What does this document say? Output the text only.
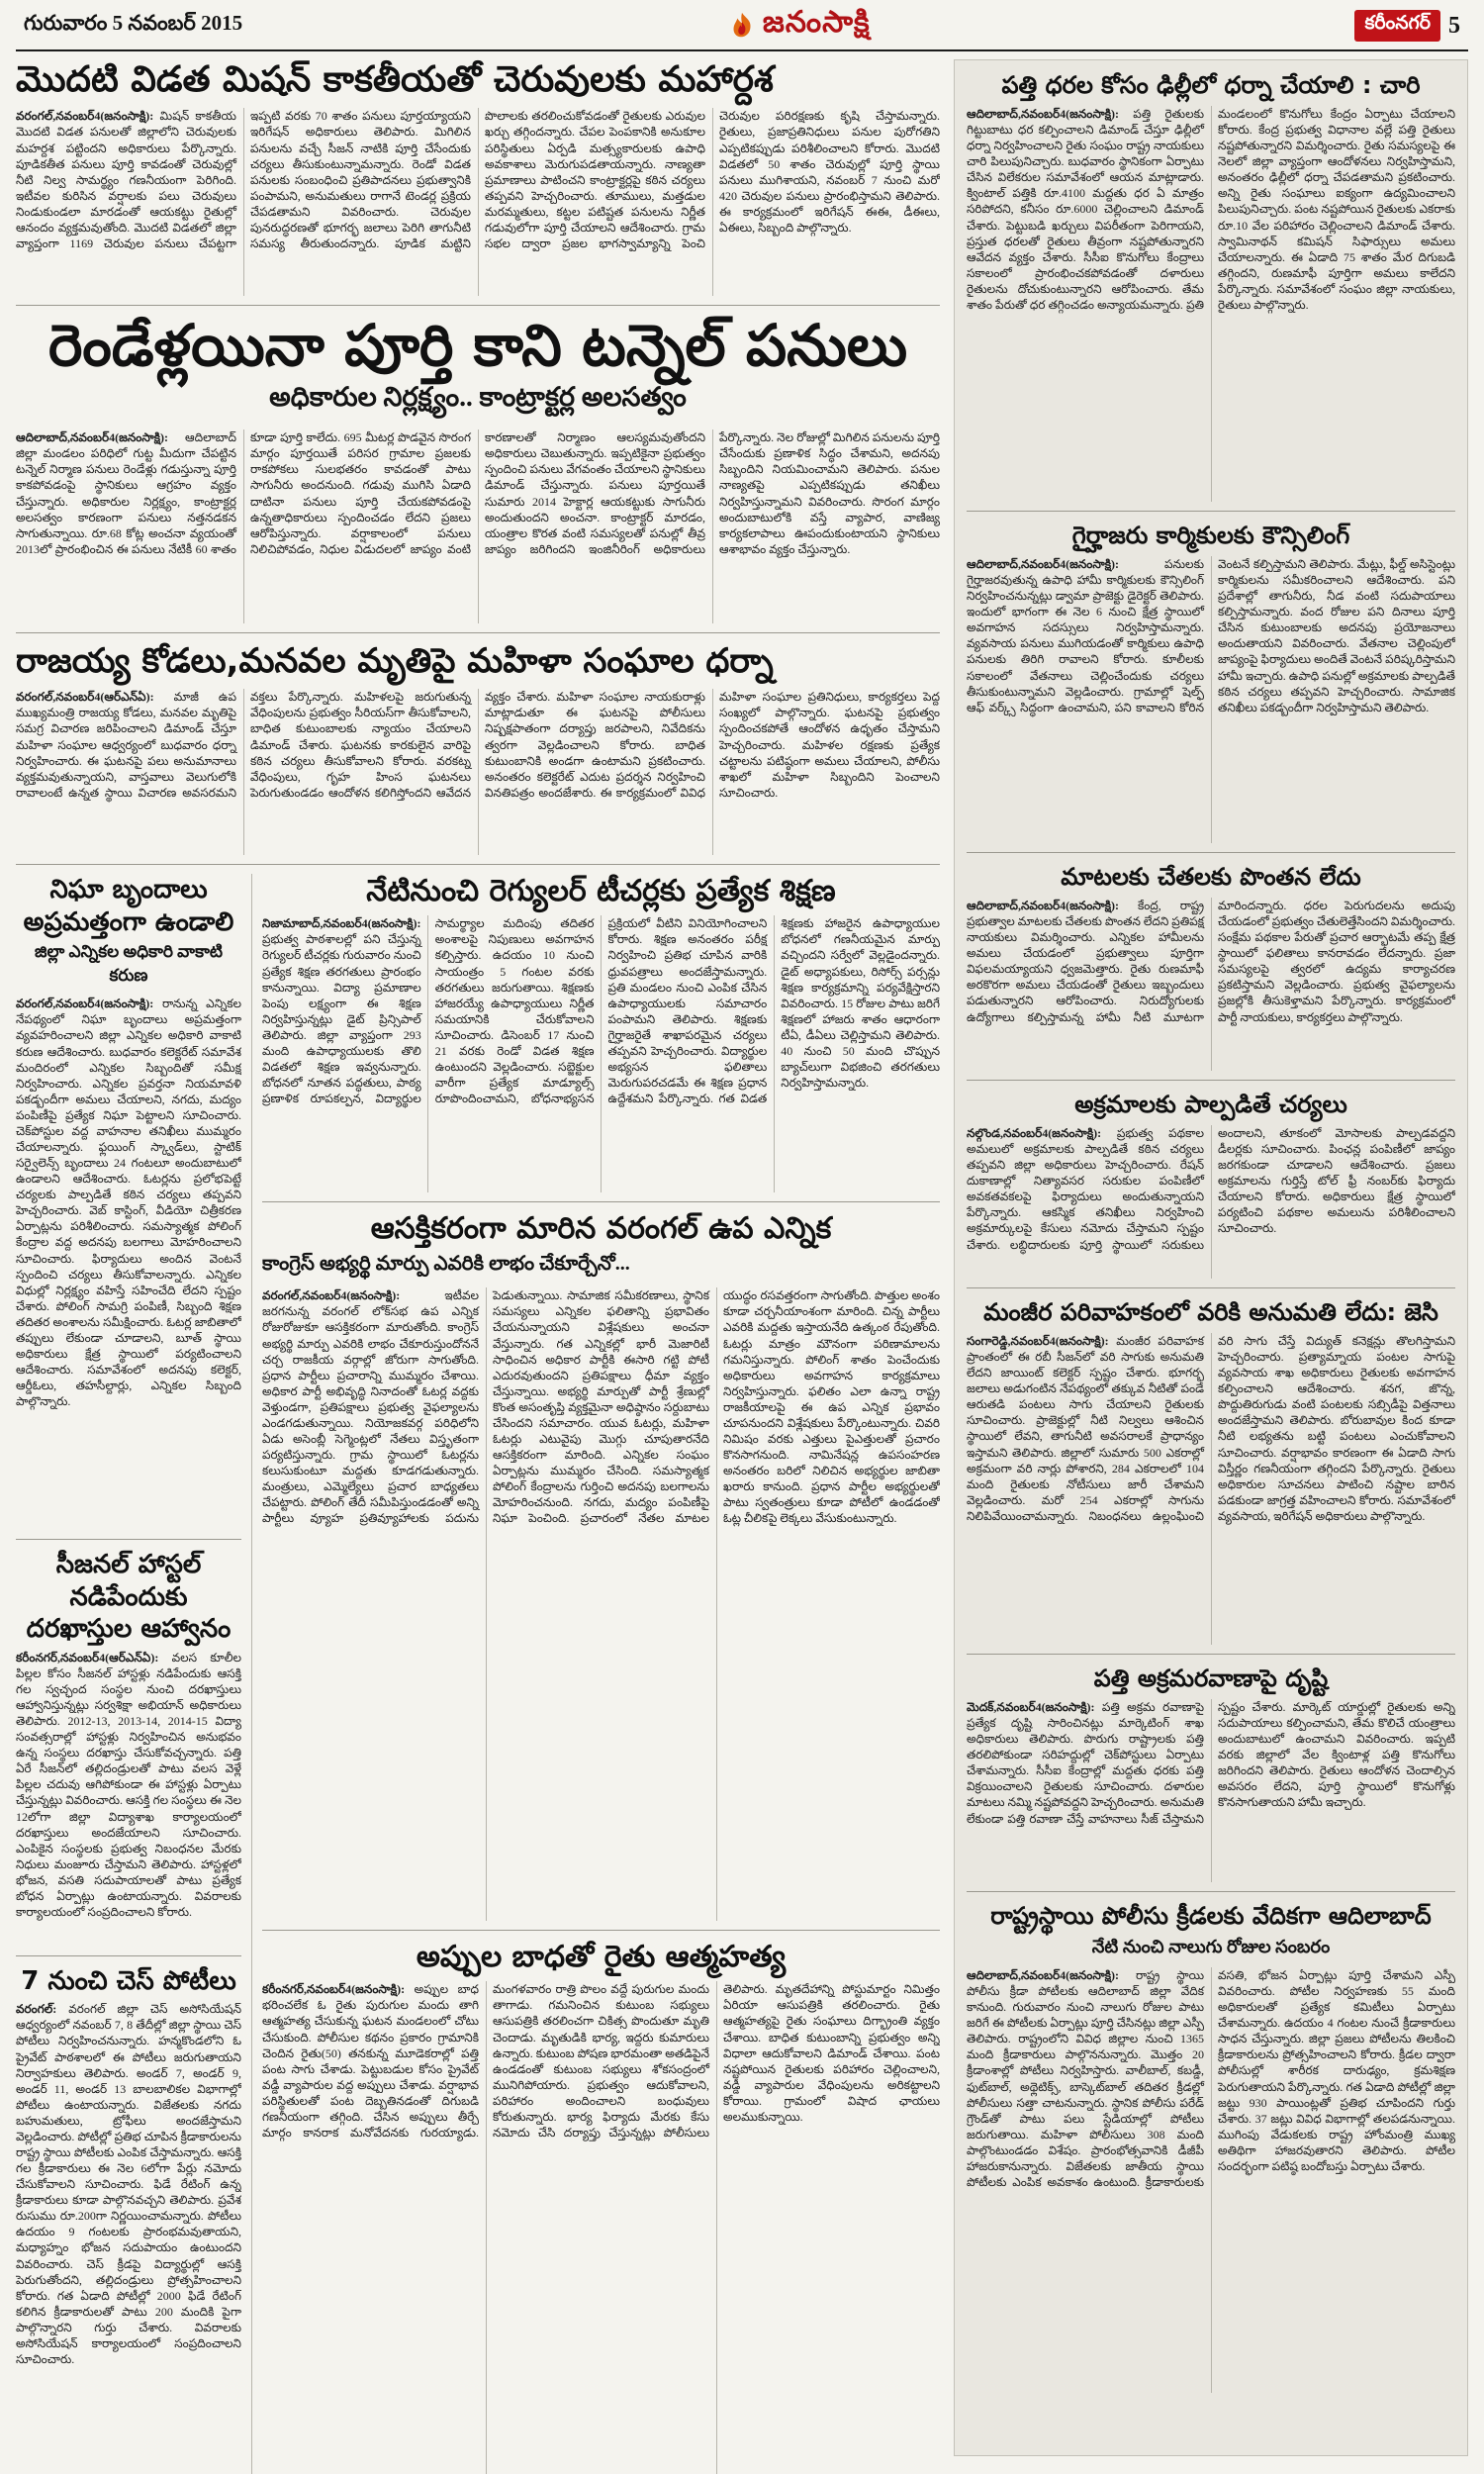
గురువారం 5 నవంబర్ 2015	జనంసాక్షి	కరీంనగర్ 5
మొదటి విడత మిషన్ కాకతీయతో చెరువులకు మహార్దశ
వరంగల్,నవంబర్4(జనంసాక్షి): మిషన్ కాకతీయ మొదటి విడత పనులతో జిల్లాలోని చెరువులకు మహర్దశ పట్టిందని అధికారులు పేర్కొన్నారు. పూడికతీత పనులు పూర్తి కావడంతో చెరువుల్లో నీటి నిల్వ సామర్థ్యం గణనీయంగా పెరిగింది. ఇటీవల కురిసిన వర్షాలకు పలు చెరువులు నిండుకుండలా మారడంతో ఆయకట్టు రైతుల్లో ఆనందం వ్యక్తమవుతోంది. మొదటి విడతలో జిల్లా వ్యాప్తంగా 1169 చెరువుల పనులు చేపట్టగా ఇప్పటి వరకు 70 శాతం పనులు పూర్తయ్యాయని ఇరిగేషన్ అధికారులు తెలిపారు. మిగిలిన పనులను వచ్చే సీజన్ నాటికి పూర్తి చేసేందుకు చర్యలు తీసుకుంటున్నామన్నారు. రెండో విడత పనులకు సంబంధించి ప్రతిపాదనలు ప్రభుత్వానికి పంపామని, అనుమతులు రాగానే టెండర్ల ప్రక్రియ చేపడతామని వివరించారు. చెరువుల పునరుద్ధరణతో భూగర్భ జలాలు పెరిగి తాగునీటి సమస్య తీరుతుందన్నారు. పూడిక మట్టిని పొలాలకు తరలించుకోవడంతో రైతులకు ఎరువుల ఖర్చు తగ్గిందన్నారు. చేపల పెంపకానికి అనుకూల పరిస్థితులు ఏర్పడి మత్స్యకారులకు ఉపాధి అవకాశాలు మెరుగుపడతాయన్నారు. నాణ్యతా ప్రమాణాలు పాటించని కాంట్రాక్టర్లపై కఠిన చర్యలు తప్పవని హెచ్చరించారు. తూములు, మత్తడుల మరమ్మతులు, కట్టల పటిష్టత పనులను నిర్ణీత గడువులోగా పూర్తి చేయాలని ఆదేశించారు. గ్రామ సభల ద్వారా ప్రజల భాగస్వామ్యాన్ని పెంచి చెరువుల పరిరక్షణకు కృషి చేస్తామన్నారు. రైతులు, ప్రజాప్రతినిధులు పనుల పురోగతిని ఎప్పటికప్పుడు పరిశీలించాలని కోరారు. మొదటి విడతలో 50 శాతం చెరువుల్లో పూర్తి స్థాయి పనులు ముగిశాయని, నవంబర్ 7 నుంచి మరో 420 చెరువుల పనులు ప్రారంభిస్తామని తెలిపారు. ఈ కార్యక్రమంలో ఇరిగేషన్ ఈఈ, డీఈలు, ఏఈలు, సిబ్బంది పాల్గొన్నారు.
రెండేళ్లయినా పూర్తి కాని టన్నెల్ పనులు
అధికారుల నిర్లక్ష్యం.. కాంట్రాక్టర్ల అలసత్వం
ఆదిలాబాద్,నవంబర్4(జనంసాక్షి): ఆదిలాబాద్ జిల్లా మండలం పరిధిలో గుట్ట మీదుగా చేపట్టిన టన్నెల్ నిర్మాణ పనులు రెండేళ్లు గడుస్తున్నా పూర్తి కాకపోవడంపై స్థానికులు ఆగ్రహం వ్యక్తం చేస్తున్నారు. అధికారుల నిర్లక్ష్యం, కాంట్రాక్టర్ల అలసత్వం కారణంగా పనులు నత్తనడకన సాగుతున్నాయి. రూ.68 కోట్ల అంచనా వ్యయంతో 2013లో ప్రారంభించిన ఈ పనులు నేటికీ 60 శాతం కూడా పూర్తి కాలేదు. 695 మీటర్ల పొడవైన సొరంగ మార్గం పూర్తయితే పరిసర గ్రామాల ప్రజలకు రాకపోకలు సులభతరం కావడంతో పాటు సాగునీరు అందనుంది. గడువు ముగిసి ఏడాది దాటినా పనులు పూర్తి చేయకపోవడంపై ఉన్నతాధికారులు స్పందించడం లేదని ప్రజలు ఆరోపిస్తున్నారు. వర్షాకాలంలో పనులు నిలిచిపోవడం, నిధుల విడుదలలో జాప్యం వంటి కారణాలతో నిర్మాణం ఆలస్యమవుతోందని అధికారులు చెబుతున్నారు. ఇప్పటికైనా ప్రభుత్వం స్పందించి పనులు వేగవంతం చేయాలని స్థానికులు డిమాండ్ చేస్తున్నారు. పనులు పూర్తయితే సుమారు 2014 హెక్టార్ల ఆయకట్టుకు సాగునీరు అందుతుందని అంచనా. కాంట్రాక్టర్ మారడం, యంత్రాల కొరత వంటి సమస్యలతో పనుల్లో తీవ్ర జాప్యం జరిగిందని ఇంజినీరింగ్ అధికారులు పేర్కొన్నారు. నెల రోజుల్లో మిగిలిన పనులను పూర్తి చేసేందుకు ప్రణాళిక సిద్ధం చేశామని, అదనపు సిబ్బందిని నియమించామని తెలిపారు. పనుల నాణ్యతపై ఎప్పటికప్పుడు తనిఖీలు నిర్వహిస్తున్నామని వివరించారు. సొరంగ మార్గం అందుబాటులోకి వస్తే వ్యాపార, వాణిజ్య కార్యకలాపాలు ఊపందుకుంటాయని స్థానికులు ఆశాభావం వ్యక్తం చేస్తున్నారు.
రాజయ్య కోడలు,మనవల మృతిపై మహిళా సంఘాల ధర్నా
వరంగల్,నవంబర్4(ఆర్ఎన్ఏ): మాజీ ఉప ముఖ్యమంత్రి రాజయ్య కోడలు, మనవల మృతిపై సమగ్ర విచారణ జరిపించాలని డిమాండ్ చేస్తూ మహిళా సంఘాల ఆధ్వర్యంలో బుధవారం ధర్నా నిర్వహించారు. ఈ ఘటనపై పలు అనుమానాలు వ్యక్తమవుతున్నాయని, వాస్తవాలు వెలుగులోకి రావాలంటే ఉన్నత స్థాయి విచారణ అవసరమని వక్తలు పేర్కొన్నారు. మహిళలపై జరుగుతున్న వేధింపులను ప్రభుత్వం సీరియస్‌గా తీసుకోవాలని, బాధిత కుటుంబాలకు న్యాయం చేయాలని డిమాండ్ చేశారు. ఘటనకు కారకులైన వారిపై కఠిన చర్యలు తీసుకోవాలని కోరారు. వరకట్న వేధింపులు, గృహ హింస ఘటనలు పెరుగుతుండడం ఆందోళన కలిగిస్తోందని ఆవేదన వ్యక్తం చేశారు. మహిళా సంఘాల నాయకురాళ్లు మాట్లాడుతూ ఈ ఘటనపై పోలీసులు నిష్పక్షపాతంగా దర్యాప్తు జరపాలని, నివేదికను త్వరగా వెల్లడించాలని కోరారు. బాధిత కుటుంబానికి అండగా ఉంటామని ప్రకటించారు. అనంతరం కలెక్టరేట్ ఎదుట ప్రదర్శన నిర్వహించి వినతిపత్రం అందజేశారు. ఈ కార్యక్రమంలో వివిధ మహిళా సంఘాల ప్రతినిధులు, కార్యకర్తలు పెద్ద సంఖ్యలో పాల్గొన్నారు. ఘటనపై ప్రభుత్వం స్పందించకపోతే ఆందోళన ఉధృతం చేస్తామని హెచ్చరించారు. మహిళల రక్షణకు ప్రత్యేక చట్టాలను పటిష్ఠంగా అమలు చేయాలని, పోలీసు శాఖలో మహిళా సిబ్బందిని పెంచాలని సూచించారు.
నిఘా బృందాలు అప్రమత్తంగా ఉండాలి
జిల్లా ఎన్నికల అధికారి వాకాటి కరుణ
వరంగల్,నవంబర్4(జనంసాక్షి): రానున్న ఎన్నికల నేపథ్యంలో నిఘా బృందాలు అప్రమత్తంగా వ్యవహరించాలని జిల్లా ఎన్నికల అధికారి వాకాటి కరుణ ఆదేశించారు. బుధవారం కలెక్టరేట్ సమావేశ మందిరంలో ఎన్నికల సిబ్బందితో సమీక్ష నిర్వహించారు. ఎన్నికల ప్రవర్తనా నియమావళి పకడ్బందీగా అమలు చేయాలని, నగదు, మద్యం పంపిణీపై ప్రత్యేక నిఘా పెట్టాలని సూచించారు. చెక్‌పోస్టుల వద్ద వాహనాల తనిఖీలు ముమ్మరం చేయాలన్నారు. ఫ్లయింగ్ స్క్వాడ్‌లు, స్టాటిక్ సర్వైలెన్స్ బృందాలు 24 గంటలూ అందుబాటులో ఉండాలని ఆదేశించారు. ఓటర్లను ప్రలోభపెట్టే చర్యలకు పాల్పడితే కఠిన చర్యలు తప్పవని హెచ్చరించారు. వెబ్ కాస్టింగ్, వీడియో చిత్రీకరణ ఏర్పాట్లను పరిశీలించారు. సమస్యాత్మక పోలింగ్ కేంద్రాల వద్ద అదనపు బలగాలు మోహరించాలని సూచించారు. ఫిర్యాదులు అందిన వెంటనే స్పందించి చర్యలు తీసుకోవాలన్నారు. ఎన్నికల విధుల్లో నిర్లక్ష్యం వహిస్తే సహించేది లేదని స్పష్టం చేశారు. పోలింగ్ సామగ్రి పంపిణీ, సిబ్బంది శిక్షణ తదితర అంశాలను సమీక్షించారు. ఓటర్ల జాబితాలో తప్పులు లేకుండా చూడాలని, బూత్ స్థాయి అధికారులు క్షేత్ర స్థాయిలో పర్యటించాలని ఆదేశించారు. సమావేశంలో అదనపు కలెక్టర్, ఆర్డీఓలు, తహసీల్దార్లు, ఎన్నికల సిబ్బంది పాల్గొన్నారు.
సీజనల్ హాస్టల్ నడిపేందుకు దరఖాస్తుల ఆహ్వానం
కరీంనగర్,నవంబర్4(ఆర్ఎన్ఏ): వలస కూలీల పిల్లల కోసం సీజనల్ హాస్టళ్లు నడిపేందుకు ఆసక్తి గల స్వచ్ఛంద సంస్థల నుంచి దరఖాస్తులు ఆహ్వానిస్తున్నట్లు సర్వశిక్షా అభియాన్ అధికారులు తెలిపారు. 2012-13, 2013-14, 2014-15 విద్యా సంవత్సరాల్లో హాస్టళ్లు నిర్వహించిన అనుభవం ఉన్న సంస్థలు దరఖాస్తు చేసుకోవచ్చన్నారు. పత్తి ఏరే సీజన్‌లో తల్లిదండ్రులతో పాటు వలస వెళ్లే పిల్లల చదువు ఆగిపోకుండా ఈ హాస్టళ్లు ఏర్పాటు చేస్తున్నట్లు వివరించారు. ఆసక్తి గల సంస్థలు ఈ నెల 12లోగా జిల్లా విద్యాశాఖ కార్యాలయంలో దరఖాస్తులు అందజేయాలని సూచించారు. ఎంపికైన సంస్థలకు ప్రభుత్వ నిబంధనల మేరకు నిధులు మంజూరు చేస్తామని తెలిపారు. హాస్టళ్లలో భోజన, వసతి సదుపాయాలతో పాటు ప్రత్యేక బోధన ఏర్పాట్లు ఉంటాయన్నారు. వివరాలకు కార్యాలయంలో సంప్రదించాలని కోరారు.
7 నుంచి చెస్ పోటీలు
వరంగల్: వరంగల్ జిల్లా చెస్ అసోసియేషన్ ఆధ్వర్యంలో నవంబర్ 7, 8 తేదీల్లో జిల్లా స్థాయి చెస్ పోటీలు నిర్వహించనున్నారు. హన్మకొండలోని ఓ ప్రైవేట్ పాఠశాలలో ఈ పోటీలు జరుగుతాయని నిర్వాహకులు తెలిపారు. అండర్ 7, అండర్ 9, అండర్ 11, అండర్ 13 బాలబాలికల విభాగాల్లో పోటీలు ఉంటాయన్నారు. విజేతలకు నగదు బహుమతులు, ట్రోఫీలు అందజేస్తామని వెల్లడించారు. పోటీల్లో ప్రతిభ చూపిన క్రీడాకారులను రాష్ట్ర స్థాయి పోటీలకు ఎంపిక చేస్తామన్నారు. ఆసక్తి గల క్రీడాకారులు ఈ నెల 6లోగా పేర్లు నమోదు చేసుకోవాలని సూచించారు. ఫిడే రేటింగ్ ఉన్న క్రీడాకారులు కూడా పాల్గొనవచ్చని తెలిపారు. ప్రవేశ రుసుము రూ.200గా నిర్ణయించామన్నారు. పోటీలు ఉదయం 9 గంటలకు ప్రారంభమవుతాయని, మధ్యాహ్నం భోజన సదుపాయం ఉంటుందని వివరించారు. చెస్ క్రీడపై విద్యార్థుల్లో ఆసక్తి పెరుగుతోందని, తల్లిదండ్రులు ప్రోత్సహించాలని కోరారు. గత ఏడాది పోటీల్లో 2000 ఫిడే రేటింగ్ కలిగిన క్రీడాకారులతో పాటు 200 మందికి పైగా పాల్గొన్నారని గుర్తు చేశారు. వివరాలకు అసోసియేషన్ కార్యాలయంలో సంప్రదించాలని సూచించారు.
నేటినుంచి రెగ్యులర్ టీచర్లకు ప్రత్యేక శిక్షణ
నిజామాబాద్,నవంబర్4(జనంసాక్షి): ప్రభుత్వ పాఠశాలల్లో పని చేస్తున్న రెగ్యులర్ టీచర్లకు గురువారం నుంచి ప్రత్యేక శిక్షణ తరగతులు ప్రారంభం కానున్నాయి. విద్యా ప్రమాణాల పెంపు లక్ష్యంగా ఈ శిక్షణ నిర్వహిస్తున్నట్లు డైట్ ప్రిన్సిపాల్ తెలిపారు. జిల్లా వ్యాప్తంగా 293 మంది ఉపాధ్యాయులకు తొలి విడతలో శిక్షణ ఇవ్వనున్నారు. బోధనలో నూతన పద్ధతులు, పాఠ్య ప్రణాళిక రూపకల్పన, విద్యార్థుల సామర్థ్యాల మదింపు తదితర అంశాలపై నిపుణులు అవగాహన కల్పిస్తారు. ఉదయం 10 నుంచి సాయంత్రం 5 గంటల వరకు తరగతులు జరుగుతాయి. శిక్షణకు హాజరయ్యే ఉపాధ్యాయులు నిర్ణీత సమయానికి చేరుకోవాలని సూచించారు. డిసెంబర్ 17 నుంచి 21 వరకు రెండో విడత శిక్షణ ఉంటుందని వెల్లడించారు. సబ్జెక్టుల వారీగా ప్రత్యేక మాడ్యూల్స్ రూపొందించామని, బోధనాభ్యసన ప్రక్రియలో వీటిని వినియోగించాలని కోరారు. శిక్షణ అనంతరం పరీక్ష నిర్వహించి ప్రతిభ చూపిన వారికి ధ్రువపత్రాలు అందజేస్తామన్నారు. ప్రతి మండలం నుంచి ఎంపిక చేసిన ఉపాధ్యాయులకు సమాచారం పంపామని తెలిపారు. శిక్షణకు గైర్హాజరైతే శాఖాపరమైన చర్యలు తప్పవని హెచ్చరించారు. విద్యార్థుల అభ్యసన ఫలితాలు మెరుగుపరచడమే ఈ శిక్షణ ప్రధాన ఉద్దేశమని పేర్కొన్నారు. గత విడత శిక్షణకు హాజరైన ఉపాధ్యాయుల బోధనలో గణనీయమైన మార్పు వచ్చిందని సర్వేలో వెల్లడైందన్నారు. డైట్ అధ్యాపకులు, రిసోర్స్ పర్సన్లు శిక్షణ కార్యక్రమాన్ని పర్యవేక్షిస్తారని వివరించారు. 15 రోజుల పాటు జరిగే శిక్షణలో హాజరు శాతం ఆధారంగా టీఏ, డీఏలు చెల్లిస్తామని తెలిపారు. 40 నుంచి 50 మంది చొప్పున బ్యాచ్‌లుగా విభజించి తరగతులు నిర్వహిస్తామన్నారు.
ఆసక్తికరంగా మారిన వరంగల్ ఉప ఎన్నిక
కాంగ్రెస్ అభ్యర్థి మార్పు ఎవరికి లాభం చేకూర్చేనో...
వరంగల్,నవంబర్4(జనంసాక్షి):	ఇటీవల జరగనున్న వరంగల్ లోక్‌సభ ఉప ఎన్నిక రోజురోజుకూ ఆసక్తికరంగా మారుతోంది. కాంగ్రెస్ అభ్యర్థి మార్పు ఎవరికి లాభం చేకూరుస్తుందోననే చర్చ రాజకీయ వర్గాల్లో జోరుగా సాగుతోంది. ప్రధాన పార్టీలు ప్రచారాన్ని ముమ్మరం చేశాయి. అధికార పార్టీ అభివృద్ధి నినాదంతో ఓటర్ల వద్దకు వెళ్తుండగా, ప్రతిపక్షాలు ప్రభుత్వ వైఫల్యాలను ఎండగడుతున్నాయి. నియోజకవర్గ పరిధిలోని ఏడు అసెంబ్లీ సెగ్మెంట్లలో నేతలు విస్తృతంగా పర్యటిస్తున్నారు. గ్రామ స్థాయిలో ఓటర్లను కలుసుకుంటూ మద్దతు కూడగడుతున్నారు. మంత్రులు, ఎమ్మెల్యేలు ప్రచార బాధ్యతలు చేపట్టారు. పోలింగ్ తేదీ సమీపిస్తుండడంతో అన్ని పార్టీలు వ్యూహ ప్రతివ్యూహాలకు పదును పెడుతున్నాయి. సామాజిక సమీకరణాలు, స్థానిక సమస్యలు ఎన్నికల ఫలితాన్ని ప్రభావితం చేయనున్నాయని విశ్లేషకులు అంచనా వేస్తున్నారు. గత ఎన్నికల్లో భారీ మెజారిటీ సాధించిన అధికార పార్టీకి ఈసారి గట్టి పోటీ ఎదురవుతుందని ప్రతిపక్షాలు ధీమా వ్యక్తం చేస్తున్నాయి. అభ్యర్థి మార్పుతో పార్టీ శ్రేణుల్లో కొంత అసంతృప్తి వ్యక్తమైనా అధిష్ఠానం సర్దుబాటు చేసిందని సమాచారం. యువ ఓటర్లు, మహిళా ఓటర్లు ఎటువైపు మొగ్గు చూపుతారనేది ఆసక్తికరంగా మారింది. ఎన్నికల సంఘం ఏర్పాట్లను ముమ్మరం చేసింది. సమస్యాత్మక పోలింగ్ కేంద్రాలను గుర్తించి అదనపు బలగాలను మోహరించనుంది. నగదు, మద్యం పంపిణీపై నిఘా పెంచింది. ప్రచారంలో నేతల మాటల యుద్ధం రసవత్తరంగా సాగుతోంది. పొత్తుల అంశం కూడా చర్చనీయాంశంగా మారింది. చిన్న పార్టీలు ఎవరికి మద్దతు ఇస్తాయనేది ఉత్కంఠ రేపుతోంది. ఓటర్లు మాత్రం మౌనంగా పరిణామాలను గమనిస్తున్నారు. పోలింగ్ శాతం పెంచేందుకు అధికారులు అవగాహన కార్యక్రమాలు నిర్వహిస్తున్నారు. ఫలితం ఎలా ఉన్నా రాష్ట్ర రాజకీయాలపై ఈ ఉప ఎన్నిక ప్రభావం చూపనుందని విశ్లేషకులు పేర్కొంటున్నారు. చివరి నిమిషం వరకు ఎత్తులు పైఎత్తులతో ప్రచారం కొనసాగనుంది. నామినేషన్ల ఉపసంహరణ అనంతరం బరిలో నిలిచిన అభ్యర్థుల జాబితా ఖరారు కానుంది. ప్రధాన పార్టీల అభ్యర్థులతో పాటు స్వతంత్రులు కూడా పోటీలో ఉండడంతో ఓట్ల చీలికపై లెక్కలు వేసుకుంటున్నారు.
అప్పుల బాధతో రైతు ఆత్మహత్య
కరీంనగర్,నవంబర్4(జనంసాక్షి): అప్పుల బాధ భరించలేక ఓ రైతు పురుగుల మందు తాగి ఆత్మహత్య చేసుకున్న ఘటన మండలంలో చోటు చేసుకుంది. పోలీసుల కథనం ప్రకారం గ్రామానికి చెందిన రైతు(50) తనకున్న మూడెకరాల్లో పత్తి పంట సాగు చేశాడు. పెట్టుబడుల కోసం ప్రైవేట్ వడ్డీ వ్యాపారుల వద్ద అప్పులు చేశాడు. వర్షాభావ పరిస్థితులతో పంట దెబ్బతినడంతో దిగుబడి గణనీయంగా తగ్గింది. చేసిన అప్పులు తీర్చే మార్గం కానరాక మనోవేదనకు గురయ్యాడు. మంగళవారం రాత్రి పొలం వద్దే పురుగుల మందు తాగాడు. గమనించిన కుటుంబ సభ్యులు ఆసుపత్రికి తరలించగా చికిత్స పొందుతూ మృతి చెందాడు. మృతుడికి భార్య, ఇద్దరు కుమారులు ఉన్నారు. కుటుంబ పోషణ భారమంతా అతడిపైనే ఉండడంతో కుటుంబ సభ్యులు శోకసంద్రంలో మునిగిపోయారు. ప్రభుత్వం ఆదుకోవాలని, పరిహారం అందించాలని బంధువులు కోరుతున్నారు. భార్య ఫిర్యాదు మేరకు కేసు నమోదు చేసి దర్యాప్తు చేస్తున్నట్లు పోలీసులు తెలిపారు. మృతదేహాన్ని పోస్టుమార్టం నిమిత్తం ఏరియా ఆసుపత్రికి తరలించారు. రైతు ఆత్మహత్యపై రైతు సంఘాలు దిగ్భ్రాంతి వ్యక్తం చేశాయి. బాధిత కుటుంబాన్ని ప్రభుత్వం అన్ని విధాలా ఆదుకోవాలని డిమాండ్ చేశాయి. పంట నష్టపోయిన రైతులకు పరిహారం చెల్లించాలని, వడ్డీ వ్యాపారుల వేధింపులను అరికట్టాలని కోరాయి. గ్రామంలో విషాద ఛాయలు అలముకున్నాయి.
పత్తి ధరల కోసం ఢిల్లీలో ధర్నా చేయాలి : చారి
ఆదిలాబాద్,నవంబర్4(జనంసాక్షి): పత్తి రైతులకు గిట్టుబాటు ధర కల్పించాలని డిమాండ్ చేస్తూ ఢిల్లీలో ధర్నా నిర్వహించాలని రైతు సంఘం రాష్ట్ర నాయకులు చారి పిలుపునిచ్చారు. బుధవారం స్థానికంగా ఏర్పాటు చేసిన విలేకరుల సమావేశంలో ఆయన మాట్లాడారు. క్వింటాల్ పత్తికి రూ.4100 మద్దతు ధర ఏ మాత్రం సరిపోదని, కనీసం రూ.6000 చెల్లించాలని డిమాండ్ చేశారు. పెట్టుబడి ఖర్చులు విపరీతంగా పెరిగాయని, ప్రస్తుత ధరలతో రైతులు తీవ్రంగా నష్టపోతున్నారని ఆవేదన వ్యక్తం చేశారు. సీసీఐ కొనుగోలు కేంద్రాలు సకాలంలో ప్రారంభించకపోవడంతో దళారులు రైతులను దోచుకుంటున్నారని ఆరోపించారు. తేమ శాతం పేరుతో ధర తగ్గించడం అన్యాయమన్నారు. ప్రతి మండలంలో కొనుగోలు కేంద్రం ఏర్పాటు చేయాలని కోరారు. కేంద్ర ప్రభుత్వ విధానాల వల్లే పత్తి రైతులు నష్టపోతున్నారని విమర్శించారు. రైతు సమస్యలపై ఈ నెలలో జిల్లా వ్యాప్తంగా ఆందోళనలు నిర్వహిస్తామని, అనంతరం ఢిల్లీలో ధర్నా చేపడతామని ప్రకటించారు. అన్ని రైతు సంఘాలు ఐక్యంగా ఉద్యమించాలని పిలుపునిచ్చారు. పంట నష్టపోయిన రైతులకు ఎకరాకు రూ.10 వేల పరిహారం చెల్లించాలని డిమాండ్ చేశారు. స్వామినాథన్ కమిషన్ సిఫార్సులు అమలు చేయాలన్నారు. ఈ ఏడాది 75 శాతం మేర దిగుబడి తగ్గిందని, రుణమాఫీ పూర్తిగా అమలు కాలేదని పేర్కొన్నారు. సమావేశంలో సంఘం జిల్లా నాయకులు, రైతులు పాల్గొన్నారు.
గైర్హాజరు కార్మికులకు కౌన్సిలింగ్
ఆదిలాబాద్,నవంబర్4(జనంసాక్షి):	పనులకు గైర్హాజరవుతున్న ఉపాధి హామీ కార్మికులకు కౌన్సిలింగ్ నిర్వహించనున్నట్లు డ్వామా ప్రాజెక్టు డైరెక్టర్ తెలిపారు. ఇందులో భాగంగా ఈ నెల 6 నుంచి క్షేత్ర స్థాయిలో అవగాహన సదస్సులు నిర్వహిస్తామన్నారు. వ్యవసాయ పనులు ముగియడంతో కార్మికులు ఉపాధి పనులకు తిరిగి రావాలని కోరారు. కూలీలకు సకాలంలో వేతనాలు చెల్లించేందుకు చర్యలు తీసుకుంటున్నామని వెల్లడించారు. గ్రామాల్లో షెల్ఫ్ ఆఫ్ వర్క్స్ సిద్ధంగా ఉంచామని, పని కావాలని కోరిన వెంటనే కల్పిస్తామని తెలిపారు. మేట్లు, ఫీల్డ్ అసిస్టెంట్లు కార్మికులను సమీకరించాలని ఆదేశించారు. పని ప్రదేశాల్లో తాగునీరు, నీడ వంటి సదుపాయాలు కల్పిస్తామన్నారు. వంద రోజుల పని దినాలు పూర్తి చేసిన కుటుంబాలకు అదనపు ప్రయోజనాలు అందుతాయని వివరించారు. వేతనాల చెల్లింపులో జాప్యంపై ఫిర్యాదులు అందితే వెంటనే పరిష్కరిస్తామని హామీ ఇచ్చారు. ఉపాధి పనుల్లో అక్రమాలకు పాల్పడితే కఠిన చర్యలు తప్పవని హెచ్చరించారు. సామాజిక తనిఖీలు పకడ్బందీగా నిర్వహిస్తామని తెలిపారు.
మాటలకు చేతలకు పొంతన లేదు
ఆదిలాబాద్,నవంబర్4(జనంసాక్షి): కేంద్ర, రాష్ట్ర ప్రభుత్వాల మాటలకు చేతలకు పొంతన లేదని ప్రతిపక్ష నాయకులు విమర్శించారు. ఎన్నికల హామీలను అమలు చేయడంలో ప్రభుత్వాలు పూర్తిగా విఫలమయ్యాయని ధ్వజమెత్తారు. రైతు రుణమాఫీ అరకొరగా అమలు చేయడంతో రైతులు ఇబ్బందులు పడుతున్నారని ఆరోపించారు. నిరుద్యోగులకు ఉద్యోగాలు కల్పిస్తామన్న హామీ నీటి మూటగా మారిందన్నారు. ధరల పెరుగుదలను అదుపు చేయడంలో ప్రభుత్వం చేతులెత్తేసిందని విమర్శించారు. సంక్షేమ పథకాల పేరుతో ప్రచార ఆర్భాటమే తప్ప క్షేత్ర స్థాయిలో ఫలితాలు కానరావడం లేదన్నారు. ప్రజా సమస్యలపై త్వరలో ఉద్యమ కార్యాచరణ ప్రకటిస్తామని వెల్లడించారు. ప్రభుత్వ వైఫల్యాలను ప్రజల్లోకి తీసుకెళ్తామని పేర్కొన్నారు. కార్యక్రమంలో పార్టీ నాయకులు, కార్యకర్తలు పాల్గొన్నారు.
అక్రమాలకు పాల్పడితే చర్యలు
నల్గొండ,నవంబర్4(జనంసాక్షి): ప్రభుత్వ పథకాల అమలులో అక్రమాలకు పాల్పడితే కఠిన చర్యలు తప్పవని జిల్లా అధికారులు హెచ్చరించారు. రేషన్ దుకాణాల్లో నిత్యావసర సరుకుల పంపిణీలో అవకతవకలపై ఫిర్యాదులు అందుతున్నాయని పేర్కొన్నారు. ఆకస్మిక తనిఖీలు నిర్వహించి అక్రమార్కులపై కేసులు నమోదు చేస్తామని స్పష్టం చేశారు. లబ్ధిదారులకు పూర్తి స్థాయిలో సరుకులు అందాలని, తూకంలో మోసాలకు పాల్పడవద్దని డీలర్లకు సూచించారు. పింఛన్ల పంపిణీలో జాప్యం జరగకుండా చూడాలని ఆదేశించారు. ప్రజలు అక్రమాలను గుర్తిస్తే టోల్ ఫ్రీ నంబర్‌కు ఫిర్యాదు చేయాలని కోరారు. అధికారులు క్షేత్ర స్థాయిలో పర్యటించి పథకాల అమలును పరిశీలించాలని సూచించారు.
మంజీర పరివాహకంలో వరికి అనుమతి లేదు: జెసి
సంగారెడ్డి,నవంబర్4(జనంసాక్షి): మంజీర పరివాహక ప్రాంతంలో ఈ రబీ సీజన్‌లో వరి సాగుకు అనుమతి లేదని జాయింట్ కలెక్టర్ స్పష్టం చేశారు. భూగర్భ జలాలు అడుగంటిన నేపథ్యంలో తక్కువ నీటితో పండే ఆరుతడి పంటలు సాగు చేయాలని రైతులకు సూచించారు. ప్రాజెక్టుల్లో నీటి నిల్వలు ఆశించిన స్థాయిలో లేవని, తాగునీటి అవసరాలకే ప్రాధాన్యం ఇస్తామని తెలిపారు. జిల్లాలో సుమారు 500 ఎకరాల్లో అక్రమంగా వరి నార్లు పోశారని, 284 ఎకరాలలో 104 మంది రైతులకు నోటీసులు జారీ చేశామని వెల్లడించారు. మరో 254 ఎకరాల్లో సాగును నిలిపివేయించామన్నారు. నిబంధనలు ఉల్లంఘించి వరి సాగు చేస్తే విద్యుత్ కనెక్షన్లు తొలగిస్తామని హెచ్చరించారు. ప్రత్యామ్నాయ పంటల సాగుపై వ్యవసాయ శాఖ అధికారులు రైతులకు అవగాహన కల్పించాలని ఆదేశించారు. శనగ, జొన్న, పొద్దుతిరుగుడు వంటి పంటలకు సబ్సిడీపై విత్తనాలు అందజేస్తామని తెలిపారు. బోరుబావుల కింద కూడా నీటి లభ్యతను బట్టి పంటలు ఎంచుకోవాలని సూచించారు. వర్షాభావం కారణంగా ఈ ఏడాది సాగు విస్తీర్ణం గణనీయంగా తగ్గిందని పేర్కొన్నారు. రైతులు అధికారుల సూచనలు పాటించి నష్టాల బారిన పడకుండా జాగ్రత్త వహించాలని కోరారు. సమావేశంలో వ్యవసాయ, ఇరిగేషన్ అధికారులు పాల్గొన్నారు.
పత్తి అక్రమరవాణాపై దృష్టి
మెదక్,నవంబర్4(జనంసాక్షి): పత్తి అక్రమ రవాణాపై ప్రత్యేక దృష్టి సారించినట్లు మార్కెటింగ్ శాఖ అధికారులు తెలిపారు. పొరుగు రాష్ట్రాలకు పత్తి తరలిపోకుండా సరిహద్దుల్లో చెక్‌పోస్టులు ఏర్పాటు చేశామన్నారు. సీసీఐ కేంద్రాల్లో మద్దతు ధరకు పత్తి విక్రయించాలని రైతులకు సూచించారు. దళారుల మాటలు నమ్మి నష్టపోవద్దని హెచ్చరించారు. అనుమతి లేకుండా పత్తి రవాణా చేస్తే వాహనాలు సీజ్ చేస్తామని స్పష్టం చేశారు. మార్కెట్ యార్డుల్లో రైతులకు అన్ని సదుపాయాలు కల్పించామని, తేమ కొలిచే యంత్రాలు అందుబాటులో ఉంచామని వివరించారు. ఇప్పటి వరకు జిల్లాలో వేల క్వింటాళ్ల పత్తి కొనుగోలు జరిగిందని తెలిపారు. రైతులు ఆందోళన చెందాల్సిన అవసరం లేదని, పూర్తి స్థాయిలో కొనుగోళ్లు కొనసాగుతాయని హామీ ఇచ్చారు.
రాష్ట్రస్థాయి పోలీసు క్రీడలకు వేదికగా ఆదిలాబాద్
నేటి నుంచి నాలుగు రోజుల సంబరం
ఆదిలాబాద్,నవంబర్4(జనంసాక్షి): రాష్ట్ర స్థాయి పోలీసు క్రీడా పోటీలకు ఆదిలాబాద్ జిల్లా వేదిక కానుంది. గురువారం నుంచి నాలుగు రోజుల పాటు జరిగే ఈ పోటీలకు ఏర్పాట్లు పూర్తి చేసినట్లు జిల్లా ఎస్పీ తెలిపారు. రాష్ట్రంలోని వివిధ జిల్లాల నుంచి 1365 మంది క్రీడాకారులు పాల్గొననున్నారు. మొత్తం 20 క్రీడాంశాల్లో పోటీలు నిర్వహిస్తారు. వాలీబాల్, కబడ్డీ, ఫుట్‌బాల్, అథ్లెటిక్స్, బాస్కెట్‌బాల్ తదితర క్రీడల్లో పోలీసులు సత్తా చాటనున్నారు. స్థానిక పోలీసు పరేడ్ గ్రౌండ్‌తో పాటు పలు స్టేడియాల్లో పోటీలు జరుగుతాయి. మహిళా పోలీసులు 308 మంది పాల్గొంటుండడం విశేషం. ప్రారంభోత్సవానికి డీజీపీ హాజరుకానున్నారు. విజేతలకు జాతీయ స్థాయి పోటీలకు ఎంపిక అవకాశం ఉంటుంది. క్రీడాకారులకు వసతి, భోజన ఏర్పాట్లు పూర్తి చేశామని ఎస్పీ వివరించారు. పోటీల నిర్వహణకు 55 మంది అధికారులతో ప్రత్యేక కమిటీలు ఏర్పాటు చేశామన్నారు. ఉదయం 4 గంటల నుంచే క్రీడాకారులు సాధన చేస్తున్నారు. జిల్లా ప్రజలు పోటీలను తిలకించి క్రీడాకారులను ప్రోత్సహించాలని కోరారు. క్రీడల ద్వారా పోలీసుల్లో శారీరక దారుఢ్యం, క్రమశిక్షణ పెరుగుతాయని పేర్కొన్నారు. గత ఏడాది పోటీల్లో జిల్లా జట్టు 930 పాయింట్లతో ప్రతిభ చూపిందని గుర్తు చేశారు. 37 జట్లు వివిధ విభాగాల్లో తలపడనున్నాయి. ముగింపు వేడుకలకు రాష్ట్ర హోంమంత్రి ముఖ్య అతిథిగా హాజరవుతారని తెలిపారు. పోటీల సందర్భంగా పటిష్ఠ బందోబస్తు ఏర్పాటు చేశారు.
